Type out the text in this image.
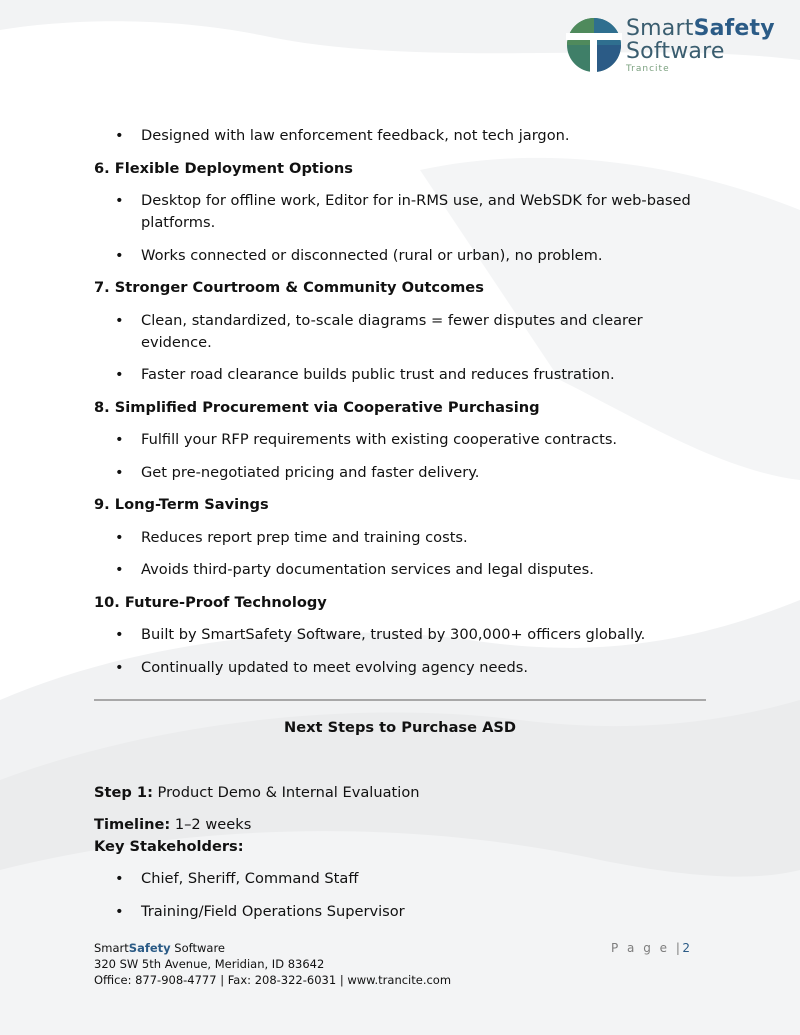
SmartSafety
Software
Trancite
• Designed with law enforcement feedback, not tech jargon.
6. Flexible Deployment Options
• Desktop for offline work, Editor for in-RMS use, and WebSDK for web-based platforms.
• Works connected or disconnected (rural or urban), no problem.
7. Stronger Courtroom & Community Outcomes
• Clean, standardized, to-scale diagrams = fewer disputes and clearer evidence.
• Faster road clearance builds public trust and reduces frustration.
8. Simplified Procurement via Cooperative Purchasing
• Fulfill your RFP requirements with existing cooperative contracts.
• Get pre-negotiated pricing and faster delivery.
9. Long-Term Savings
• Reduces report prep time and training costs.
• Avoids third-party documentation services and legal disputes.
10. Future-Proof Technology
• Built by SmartSafety Software, trusted by 300,000+ officers globally.
• Continually updated to meet evolving agency needs.
Next Steps to Purchase ASD
Step 1: Product Demo & Internal Evaluation
Timeline: 1–2 weeks
Key Stakeholders:
• Chief, Sheriff, Command Staff
• Training/Field Operations Supervisor
SmartSafety Software
320 SW 5th Avenue, Meridian, ID 83642
Office: 877-908-4777 | Fax: 208-322-6031 | www.trancite.com
P a g e |2
